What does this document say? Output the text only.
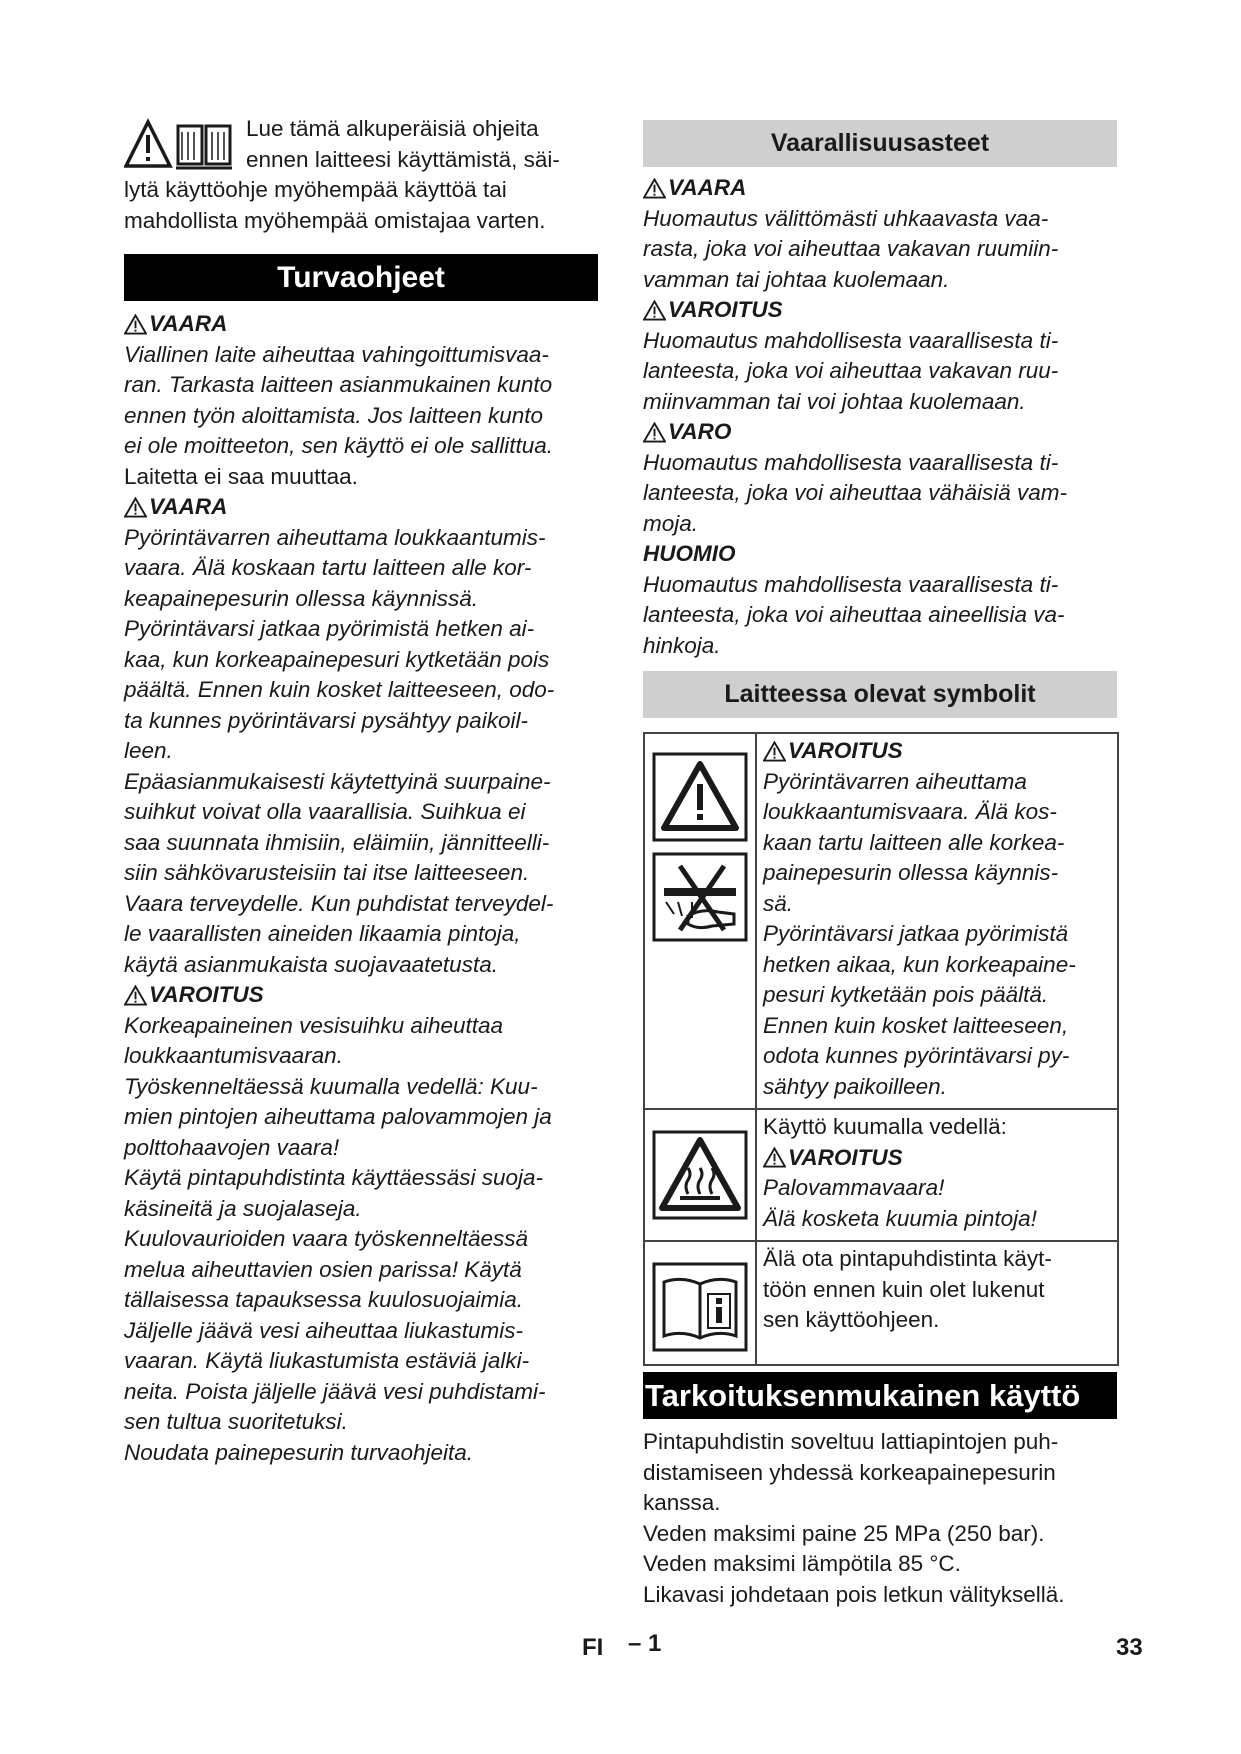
Lue tämä alkuperäisiä ohjeita

ennen laitteesi käyttämistä, säi-

lytä käyttöohje myöhempää käyttöä tai

mahdollista myöhempää omistajaa varten.

Turvaohjeet
VAARA

Viallinen laite aiheuttaa vahingoittumisvaa-

ran. Tarkasta laitteen asianmukainen kunto

ennen työn aloittamista. Jos laitteen kunto

ei ole moitteeton, sen käyttö ei ole sallittua.

Laitetta ei saa muuttaa.

VAARA

Pyörintävarren aiheuttama loukkaantumis-

vaara. Älä koskaan tartu laitteen alle kor-

keapainepesurin ollessa käynnissä.

Pyörintävarsi jatkaa pyörimistä hetken ai-

kaa, kun korkeapainepesuri kytketään pois

päältä. Ennen kuin kosket laitteeseen, odo-

ta kunnes pyörintävarsi pysähtyy paikoil-

leen.

Epäasianmukaisesti käytettyinä suurpaine-

suihkut voivat olla vaarallisia. Suihkua ei

saa suunnata ihmisiin, eläimiin, jännitteelli-

siin sähkövarusteisiin tai itse laitteeseen.

Vaara terveydelle. Kun puhdistat terveydel-

le vaarallisten aineiden likaamia pintoja,

käytä asianmukaista suojavaatetusta.

VAROITUS

Korkeapaineinen vesisuihku aiheuttaa

loukkaantumisvaaran.

Työskenneltäessä kuumalla vedellä: Kuu-

mien pintojen aiheuttama palovammojen ja

polttohaavojen vaara!

Käytä pintapuhdistinta käyttäessäsi suoja-

käsineitä ja suojalaseja.

Kuulovaurioiden vaara työskenneltäessä

melua aiheuttavien osien parissa! Käytä

tällaisessa tapauksessa kuulosuojaimia.

Jäljelle jäävä vesi aiheuttaa liukastumis-

vaaran. Käytä liukastumista estäviä jalki-

neita. Poista jäljelle jäävä vesi puhdistami-

sen tultua suoritetuksi.

Noudata painepesurin turvaohjeita.

Vaarallisuusasteet
VAARA

Huomautus välittömästi uhkaavasta vaa-

rasta, joka voi aiheuttaa vakavan ruumiin-

vamman tai johtaa kuolemaan.

VAROITUS

Huomautus mahdollisesta vaarallisesta ti-

lanteesta, joka voi aiheuttaa vakavan ruu-

miinvamman tai voi johtaa kuolemaan.

VARO

Huomautus mahdollisesta vaarallisesta ti-

lanteesta, joka voi aiheuttaa vähäisiä vam-

moja.

HUOMIO

Huomautus mahdollisesta vaarallisesta ti-

lanteesta, joka voi aiheuttaa aineellisia va-

hinkoja.

Laitteessa olevat symbolit
VAROITUS

Pyörintävarren aiheuttama

loukkaantumisvaara. Älä kos-

kaan tartu laitteen alle korkea-

painepesurin ollessa käynnis-

sä.

Pyörintävarsi jatkaa pyörimistä

hetken aikaa, kun korkeapaine-

pesuri kytketään pois päältä.

Ennen kuin kosket laitteeseen,

odota kunnes pyörintävarsi py-

sähtyy paikoilleen.

Käyttö kuumalla vedellä:

VAROITUS

Palovammavaara!

Älä kosketa kuumia pintoja!

Älä ota pintapuhdistinta käyt-

töön ennen kuin olet lukenut

sen käyttöohjeen.

Tarkoituksenmukainen käyttö

Pintapuhdistin soveltuu lattiapintojen puh-

distamiseen yhdessä korkeapainepesurin

kanssa.

Veden maksimi paine 25 MPa (250 bar).

Veden maksimi lämpötila 85 °C.

Likavasi johdetaan pois letkun välityksellä.

FI – 1	33
